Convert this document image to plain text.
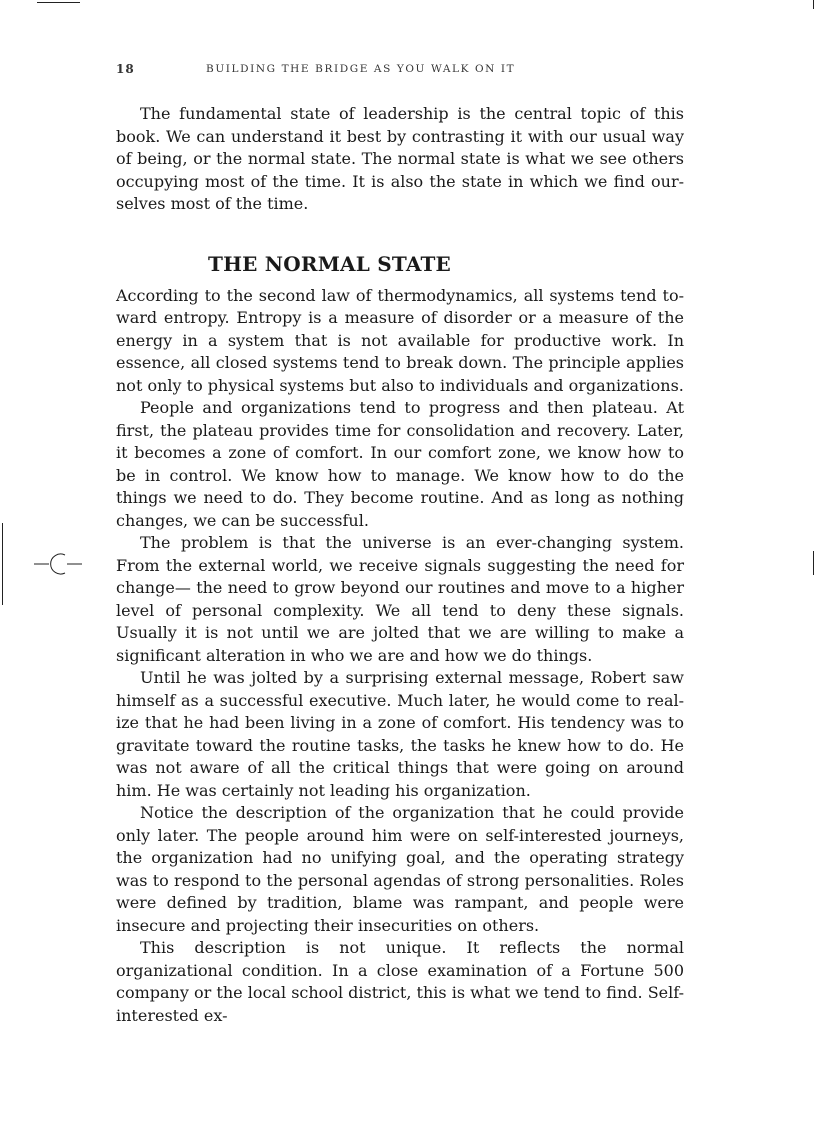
18	BUILDING THE BRIDGE AS YOU WALK ON IT

The fundamental state of leadership is the central topic of this book. We can understand it best by contrasting it with our usual way of being, or the normal state. The normal state is what we see others occupying most of the time. It is also the state in which we find ourselves most of the time.

THE NORMAL STATE

According to the second law of thermodynamics, all systems tend toward entropy. Entropy is a measure of disorder or a measure of the energy in a system that is not available for productive work. In essence, all closed systems tend to break down. The principle applies not only to physical systems but also to individuals and organizations.

People and organizations tend to progress and then plateau. At first, the plateau provides time for consolidation and recovery. Later, it becomes a zone of comfort. In our comfort zone, we know how to be in control. We know how to manage. We know how to do the things we need to do. They become routine. And as long as nothing changes, we can be successful.

The problem is that the universe is an ever-changing system. From the external world, we receive signals suggesting the need for change— the need to grow beyond our routines and move to a higher level of personal complexity. We all tend to deny these signals. Usually it is not until we are jolted that we are willing to make a significant alteration in who we are and how we do things.

Until he was jolted by a surprising external message, Robert saw himself as a successful executive. Much later, he would come to realize that he had been living in a zone of comfort. His tendency was to gravitate toward the routine tasks, the tasks he knew how to do. He was not aware of all the critical things that were going on around him. He was certainly not leading his organization.

Notice the description of the organization that he could provide only later. The people around him were on self-interested journeys, the organization had no unifying goal, and the operating strategy was to respond to the personal agendas of strong personalities. Roles were defined by tradition, blame was rampant, and people were insecure and projecting their insecurities on others.

This description is not unique. It reflects the normal organizational condition. In a close examination of a Fortune 500 company or the local school district, this is what we tend to find. Self-interested ex-
